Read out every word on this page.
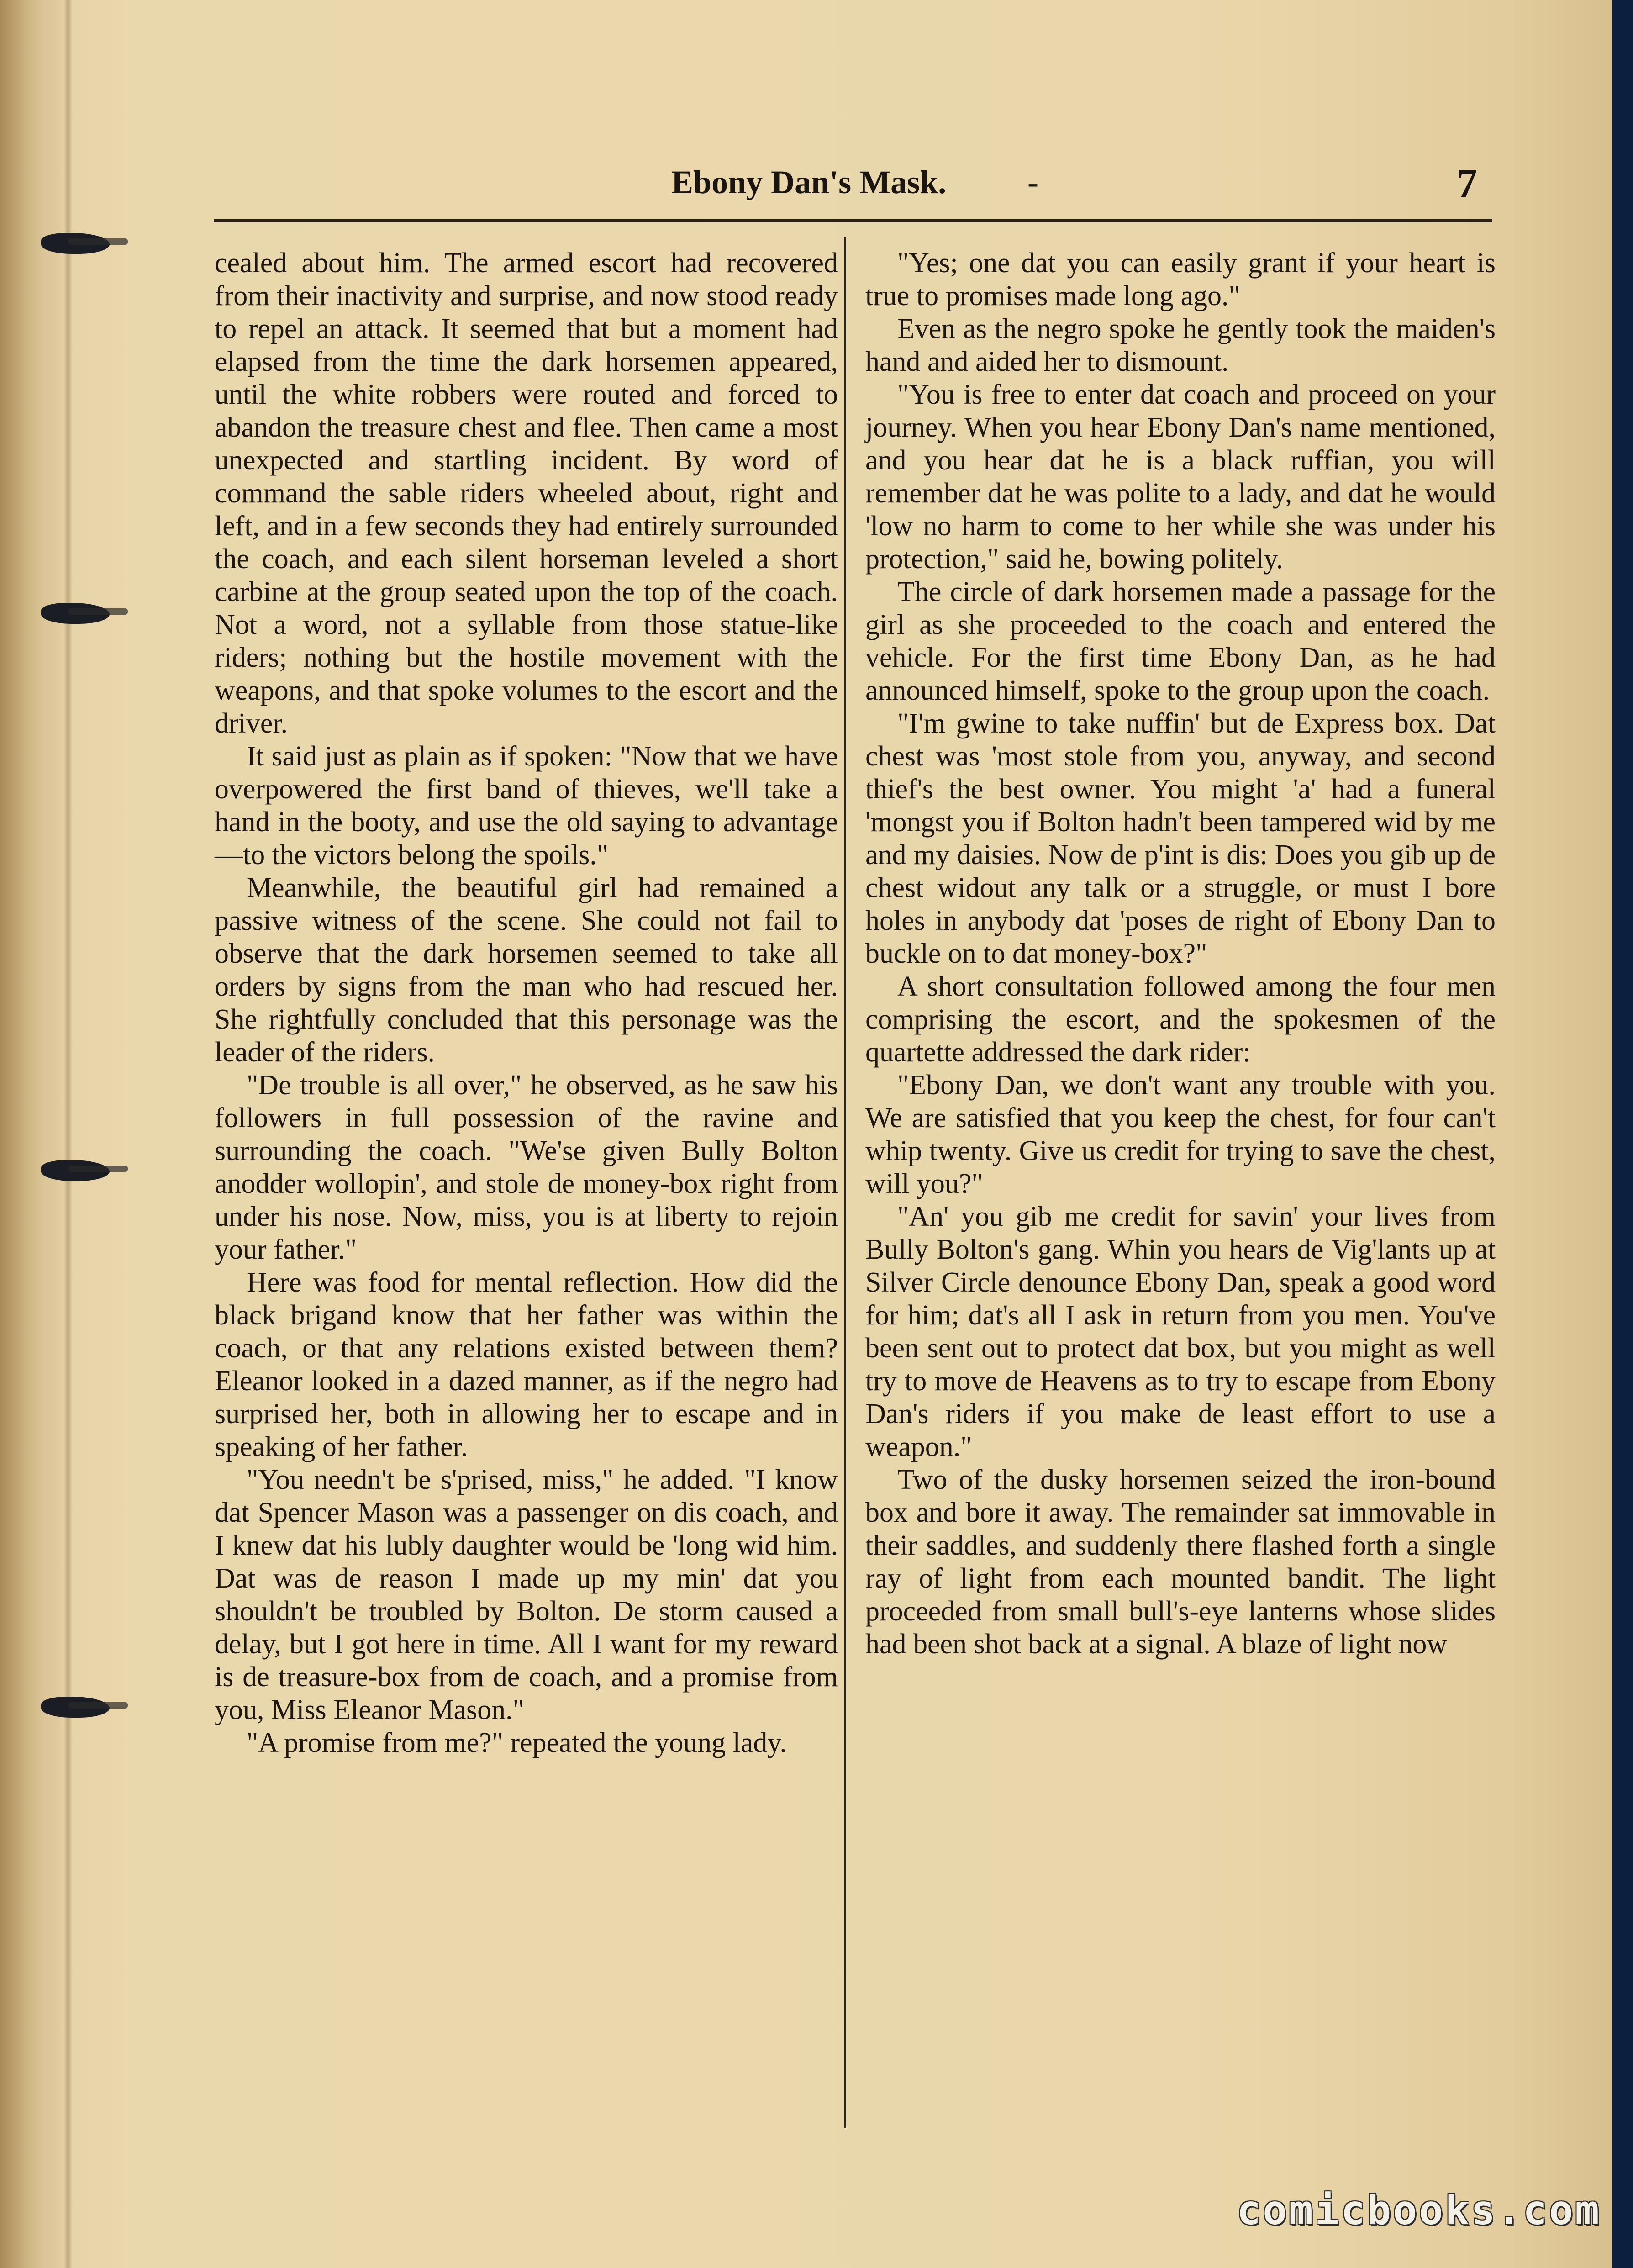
Ebony Dan's Mask. -	7

cealed about him. The armed escort had recovered from their inactivity and surprise, and now stood ready to repel an attack. It seemed that but a moment had elapsed from the time the dark horsemen appeared, until the white robbers were routed and forced to abandon the treasure chest and flee. Then came a most unexpected and startling incident. By word of command the sable riders wheeled about, right and left, and in a few seconds they had entirely surrounded the coach, and each silent horseman leveled a short carbine at the group seated upon the top of the coach. Not a word, not a syllable from those statue-like riders; nothing but the hostile movement with the weapons, and that spoke volumes to the escort and the driver.

It said just as plain as if spoken: "Now that we have overpowered the first band of thieves, we'll take a hand in the booty, and use the old saying to advantage—to the victors belong the spoils."

Meanwhile, the beautiful girl had remained a passive witness of the scene. She could not fail to observe that the dark horsemen seemed to take all orders by signs from the man who had rescued her. She rightfully concluded that this personage was the leader of the riders.

"De trouble is all over," he observed, as he saw his followers in full possession of the ravine and surrounding the coach. "We'se given Bully Bolton anodder wollopin', and stole de money-box right from under his nose. Now, miss, you is at liberty to rejoin your father."

Here was food for mental reflection. How did the black brigand know that her father was within the coach, or that any relations existed between them? Eleanor looked in a dazed manner, as if the negro had surprised her, both in allowing her to escape and in speaking of her father.

"You needn't be s'prised, miss," he added. "I know dat Spencer Mason was a passenger on dis coach, and I knew dat his lubly daughter would be 'long wid him. Dat was de reason I made up my min' dat you shouldn't be troubled by Bolton. De storm caused a delay, but I got here in time. All I want for my reward is de treasure-box from de coach, and a promise from you, Miss Eleanor Mason."

"A promise from me?" repeated the young lady.

"Yes; one dat you can easily grant if your heart is true to promises made long ago."

Even as the negro spoke he gently took the maiden's hand and aided her to dismount.

"You is free to enter dat coach and proceed on your journey. When you hear Ebony Dan's name mentioned, and you hear dat he is a black ruffian, you will remember dat he was polite to a lady, and dat he would 'low no harm to come to her while she was under his protection," said he, bowing politely.

The circle of dark horsemen made a passage for the girl as she proceeded to the coach and entered the vehicle. For the first time Ebony Dan, as he had announced himself, spoke to the group upon the coach.

"I'm gwine to take nuffin' but de Express box. Dat chest was 'most stole from you, anyway, and second thief's the best owner. You might 'a' had a funeral 'mongst you if Bolton hadn't been tampered wid by me and my daisies. Now de p'int is dis: Does you gib up de chest widout any talk or a struggle, or must I bore holes in anybody dat 'poses de right of Ebony Dan to buckle on to dat money-box?"

A short consultation followed among the four men comprising the escort, and the spokesmen of the quartette addressed the dark rider:

"Ebony Dan, we don't want any trouble with you. We are satisfied that you keep the chest, for four can't whip twenty. Give us credit for trying to save the chest, will you?"

"An' you gib me credit for savin' your lives from Bully Bolton's gang. Whin you hears de Vig'lants up at Silver Circle denounce Ebony Dan, speak a good word for him; dat's all I ask in return from you men. You've been sent out to protect dat box, but you might as well try to move de Heavens as to try to escape from Ebony Dan's riders if you make de least effort to use a weapon."

Two of the dusky horsemen seized the iron-bound box and bore it away. The remainder sat immovable in their saddles, and suddenly there flashed forth a single ray of light from each mounted bandit. The light proceeded from small bull's-eye lanterns whose slides had been shot back at a signal. A blaze of light now

comicbooks.com
